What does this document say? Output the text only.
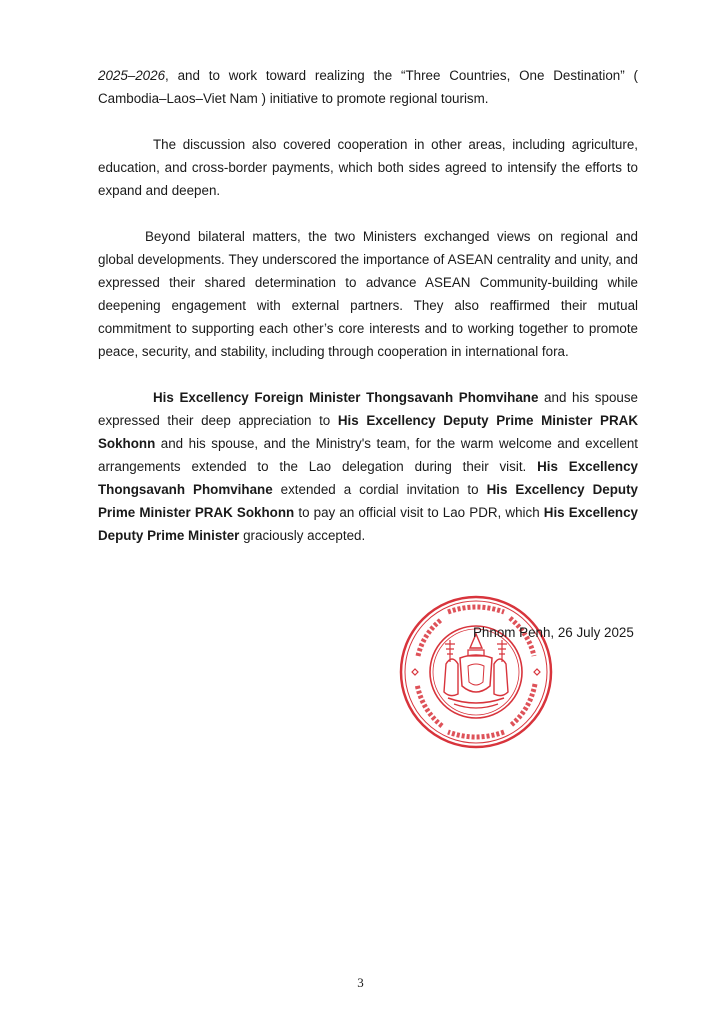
2025–2026, and to work toward realizing the “Three Countries, One Destination” ( Cambodia–Laos–Viet Nam ) initiative to promote regional tourism.

The discussion also covered cooperation in other areas, including agriculture, education, and cross-border payments, which both sides agreed to intensify the efforts to expand and deepen.

Beyond bilateral matters, the two Ministers exchanged views on regional and global developments. They underscored the importance of ASEAN centrality and unity, and expressed their shared determination to advance ASEAN Community-building while deepening engagement with external partners. They also reaffirmed their mutual commitment to supporting each other’s core interests and to working together to promote peace, security, and stability, including through cooperation in international fora.

His Excellency Foreign Minister Thongsavanh Phomvihane and his spouse expressed their deep appreciation to His Excellency Deputy Prime Minister PRAK Sokhonn and his spouse, and the Ministry's team, for the warm welcome and excellent arrangements extended to the Lao delegation during their visit. His Excellency Thongsavanh Phomvihane extended a cordial invitation to His Excellency Deputy Prime Minister PRAK Sokhonn to pay an official visit to Lao PDR, which His Excellency Deputy Prime Minister graciously accepted.

Phnom Penh, 26 July 2025
3
